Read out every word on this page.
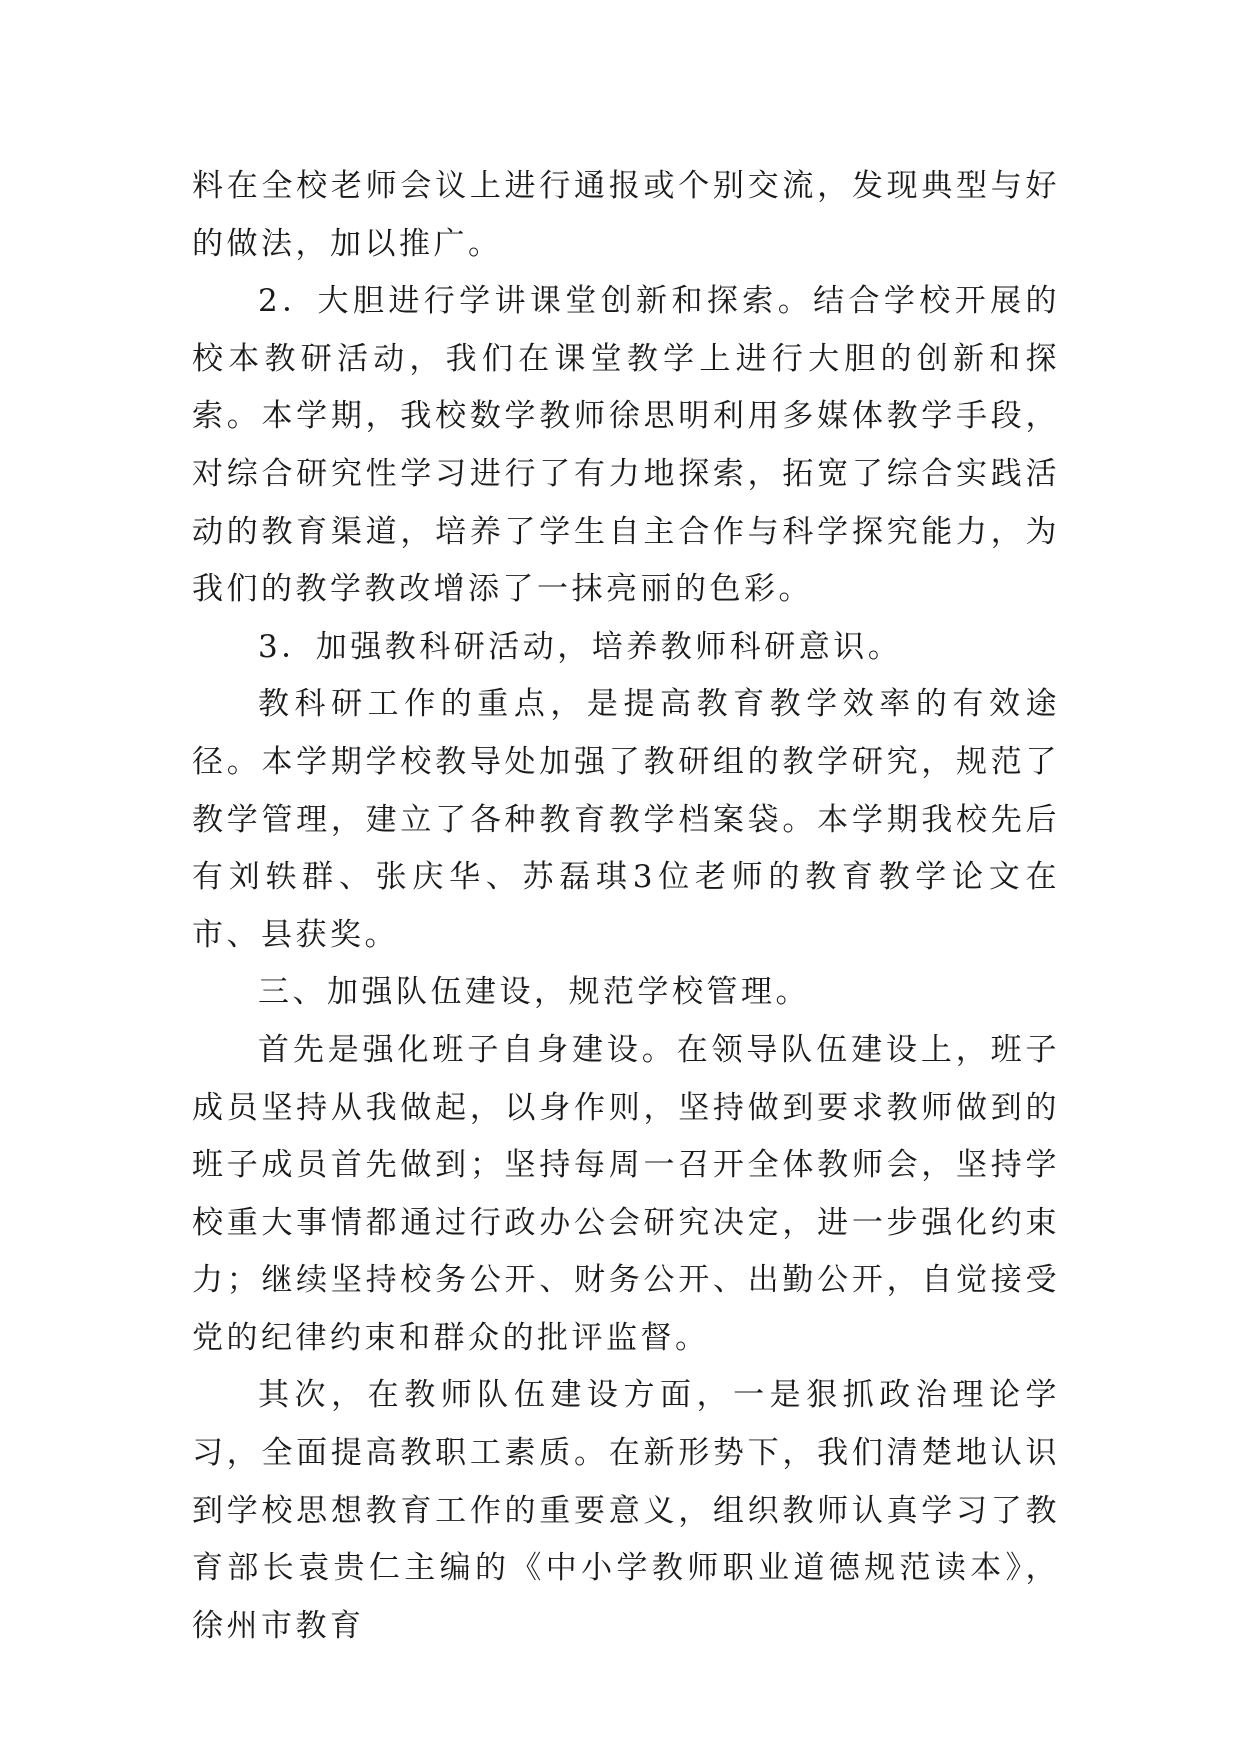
料在全校老师会议上进行通报或个别交流，发现典型与好的做法，加以推广。

2．大胆进行学讲课堂创新和探索。结合学校开展的校本教研活动，我们在课堂教学上进行大胆的创新和探索。本学期，我校数学教师徐思明利用多媒体教学手段，对综合研究性学习进行了有力地探索，拓宽了综合实践活动的教育渠道，培养了学生自主合作与科学探究能力，为我们的教学教改增添了一抹亮丽的色彩。

3．加强教科研活动，培养教师科研意识。

教科研工作的重点，是提高教育教学效率的有效途径。本学期学校教导处加强了教研组的教学研究，规范了教学管理，建立了各种教育教学档案袋。本学期我校先后有刘轶群、张庆华、苏磊琪3位老师的教育教学论文在市、县获奖。

三、加强队伍建设，规范学校管理。

首先是强化班子自身建设。在领导队伍建设上，班子成员坚持从我做起，以身作则，坚持做到要求教师做到的班子成员首先做到；坚持每周一召开全体教师会，坚持学校重大事情都通过行政办公会研究决定，进一步强化约束力；继续坚持校务公开、财务公开、出勤公开，自觉接受党的纪律约束和群众的批评监督。

其次，在教师队伍建设方面，一是狠抓政治理论学习，全面提高教职工素质。在新形势下，我们清楚地认识到学校思想教育工作的重要意义，组织教师认真学习了教育部长袁贵仁主编的《中小学教师职业道德规范读本》，徐州市教育
